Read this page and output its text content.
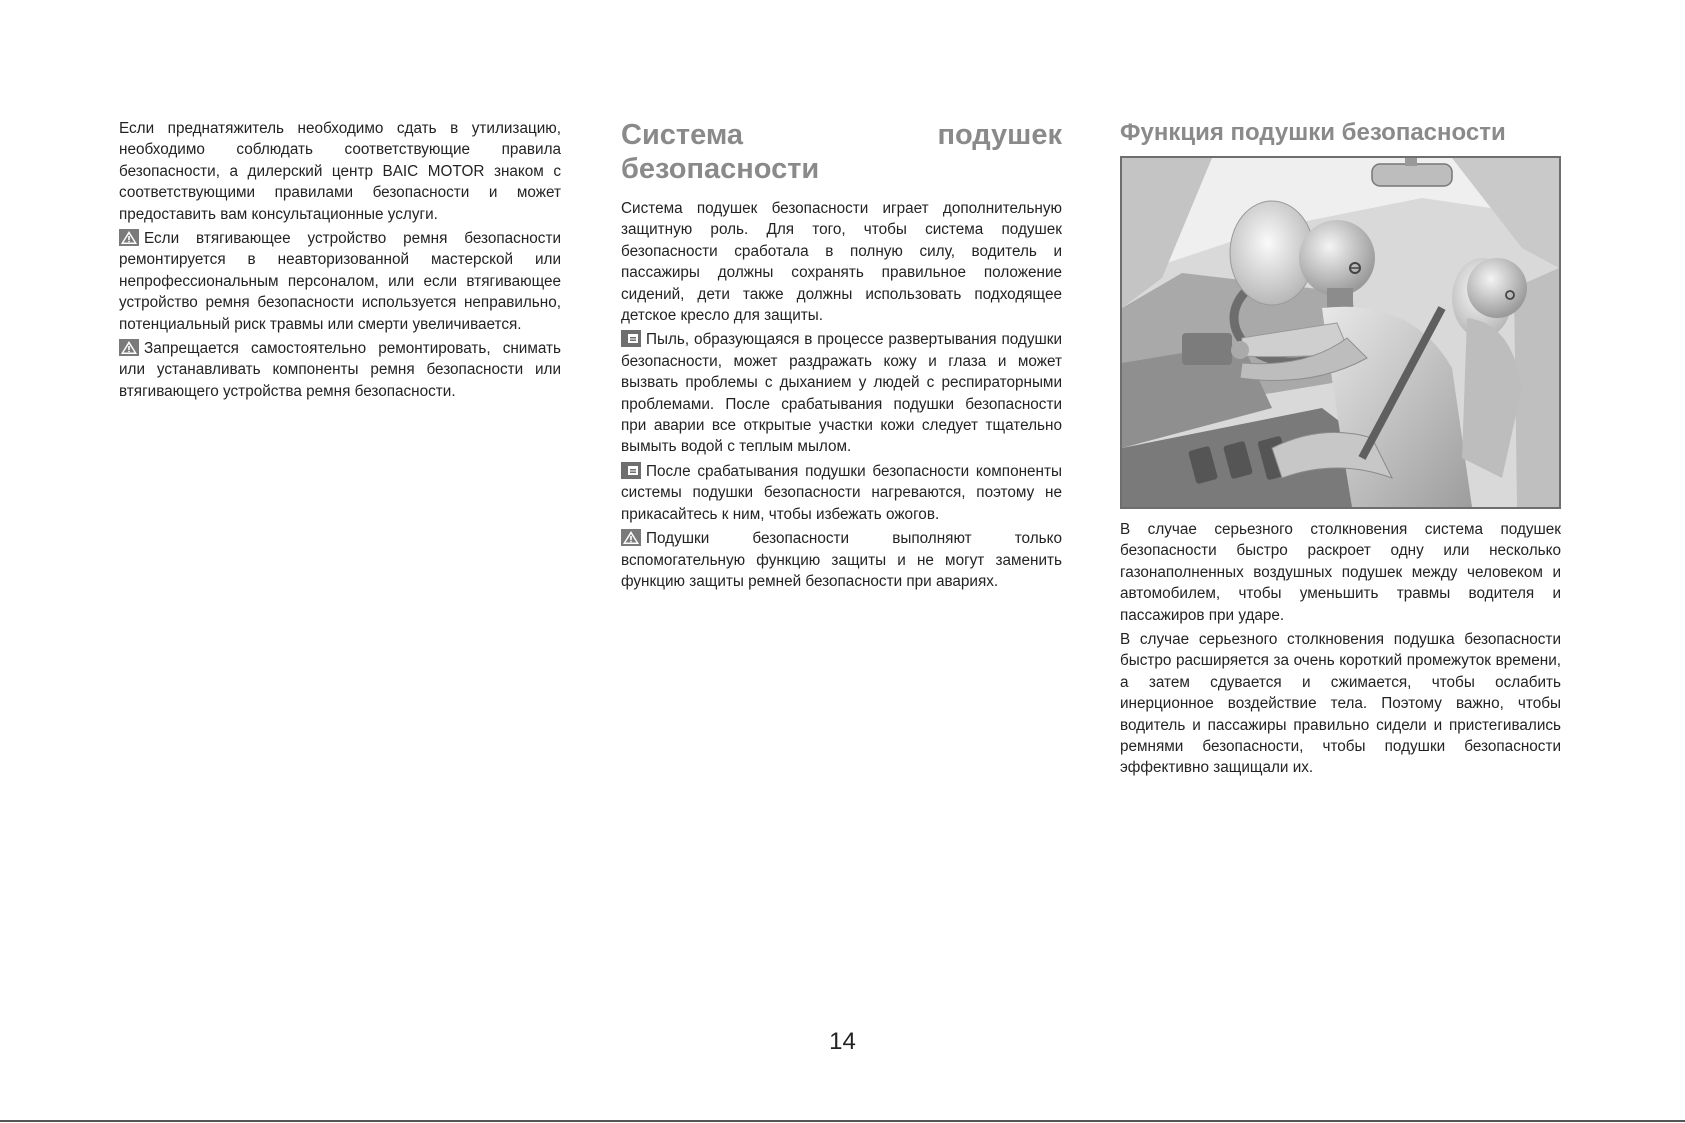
Если преднатяжитель необходимо сдать в утилизацию, необходимо соблюдать соответствующие правила безопасности, а дилерский центр BAIC MOTOR знаком с соответствующими правилами безопасности и может предоставить вам консультационные услуги.

Если втягивающее устройство ремня безопасности ремонтируется в неавторизованной мастерской или непрофессиональным персоналом, или если втягивающее устройство ремня безопасности используется неправильно, потенциальный риск травмы или смерти увеличивается.

Запрещается самостоятельно ремонтировать, снимать или устанавливать компоненты ремня безопасности или втягивающего устройства ремня безопасности.

Система	подушек
безопасности

Система подушек безопасности играет дополнительную защитную роль. Для того, чтобы система подушек безопасности сработала в полную силу, водитель и пассажиры должны сохранять правильное положение сидений, дети также должны использовать подходящее детское кресло для защиты.

Пыль, образующаяся в процессе развертывания подушки безопасности, может раздражать кожу и глаза и может вызвать проблемы с дыханием у людей с респираторными проблемами. После срабатывания подушки безопасности при аварии все открытые участки кожи следует тщательно вымыть водой с теплым мылом.

После срабатывания подушки безопасности компоненты системы подушки безопасности нагреваются, поэтому не прикасайтесь к ним, чтобы избежать ожогов.

Подушки безопасности выполняют только вспомогательную функцию защиты и не могут заменить функцию защиты ремней безопасности при авариях.

Функция подушки безопасности

В случае серьезного столкновения система подушек безопасности быстро раскроет одну или несколько газонаполненных воздушных подушек между человеком и автомобилем, чтобы уменьшить травмы водителя и пассажиров при ударе.

В случае серьезного столкновения подушка безопасности быстро расширяется за очень короткий промежуток времени, а затем сдувается и сжимается, чтобы ослабить инерционное воздействие тела. Поэтому важно, чтобы водитель и пассажиры правильно сидели и пристегивались ремнями безопасности, чтобы подушки безопасности эффективно защищали их.

14
